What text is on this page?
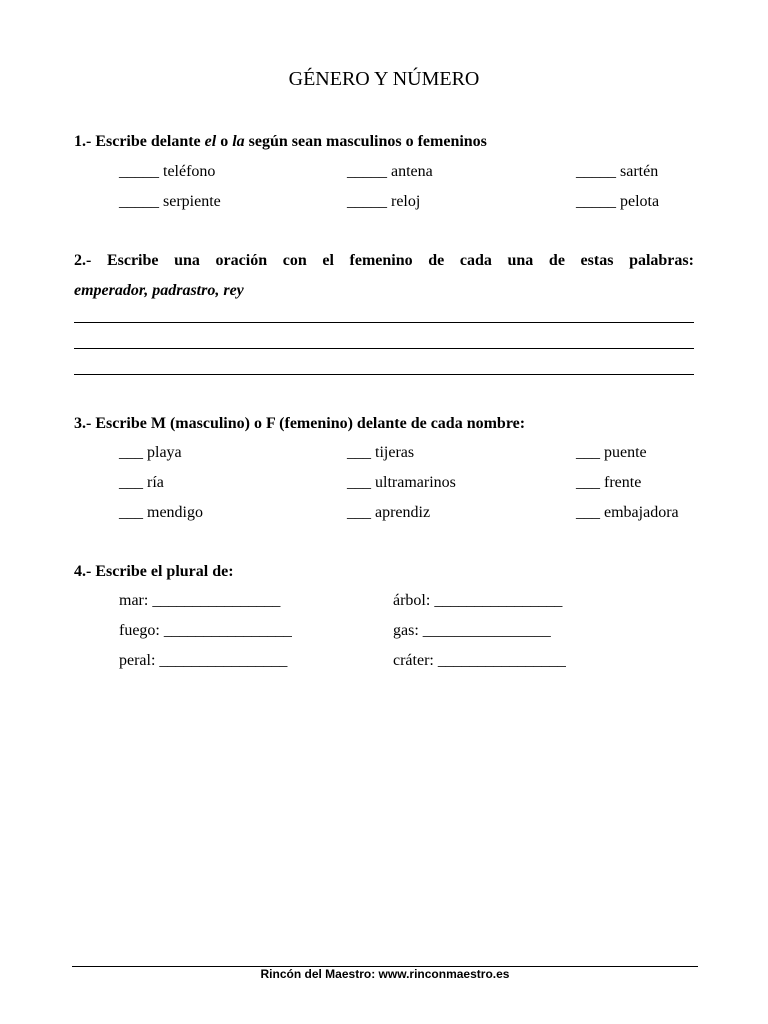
GÉNERO Y NÚMERO
1.- Escribe delante el o la según sean masculinos o femeninos
_____ teléfono	_____ antena	_____ sartén
_____ serpiente	_____ reloj	_____ pelota
2.- Escribe una oración con el femenino de cada una de estas palabras:
emperador, padrastro, rey
3.- Escribe M (masculino) o F (femenino) delante de cada nombre:
___ playa	___ tijeras	___ puente
___ ría	___ ultramarinos	___ frente
___ mendigo	___ aprendiz	___ embajadora
4.- Escribe el plural de:
mar: ________________	árbol: ________________
fuego: ________________	gas: ________________
peral: ________________	cráter: ________________
Rincón del Maestro: www.rinconmaestro.es
